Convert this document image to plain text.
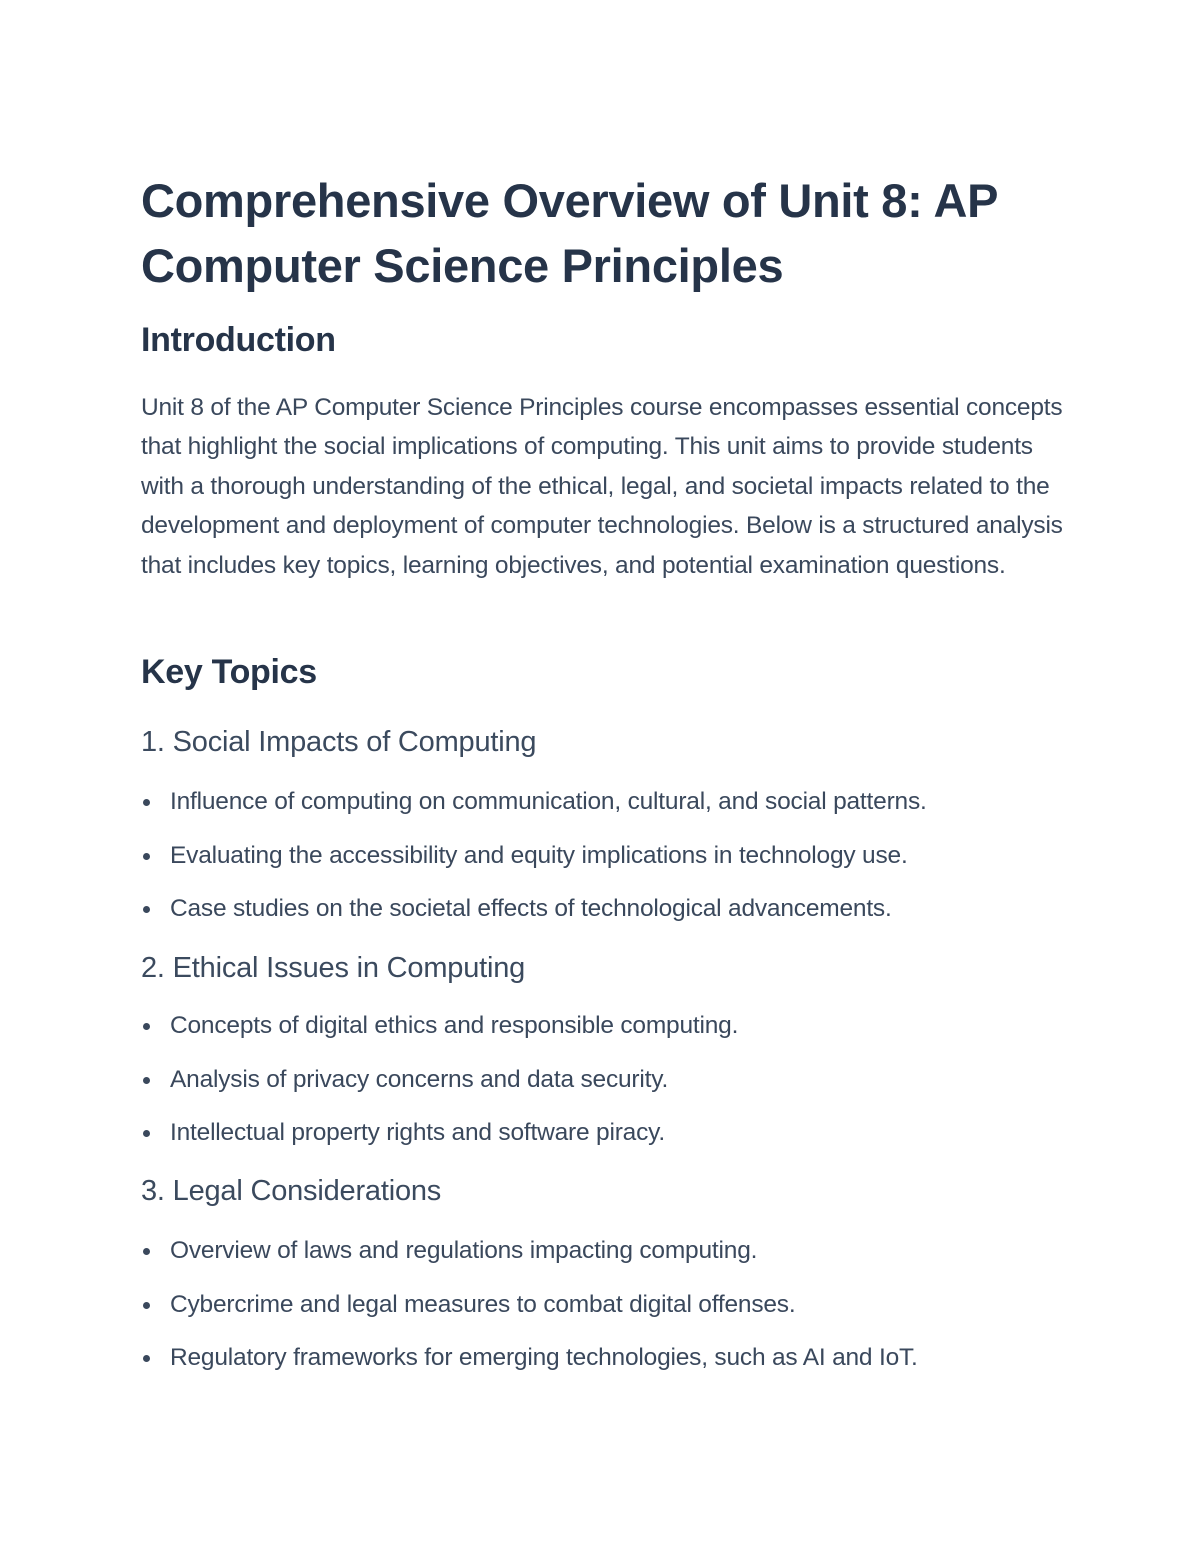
Comprehensive Overview of Unit 8: AP Computer Science Principles
Introduction

Unit 8 of the AP Computer Science Principles course encompasses essential concepts that highlight the social implications of computing. This unit aims to provide students with a thorough understanding of the ethical, legal, and societal impacts related to the development and deployment of computer technologies. Below is a structured analysis that includes key topics, learning objectives, and potential examination questions.

Key Topics
1. Social Impacts of Computing
Influence of computing on communication, cultural, and social patterns.
Evaluating the accessibility and equity implications in technology use.
Case studies on the societal effects of technological advancements.
2. Ethical Issues in Computing
Concepts of digital ethics and responsible computing.
Analysis of privacy concerns and data security.
Intellectual property rights and software piracy.
3. Legal Considerations
Overview of laws and regulations impacting computing.
Cybercrime and legal measures to combat digital offenses.
Regulatory frameworks for emerging technologies, such as AI and IoT.
